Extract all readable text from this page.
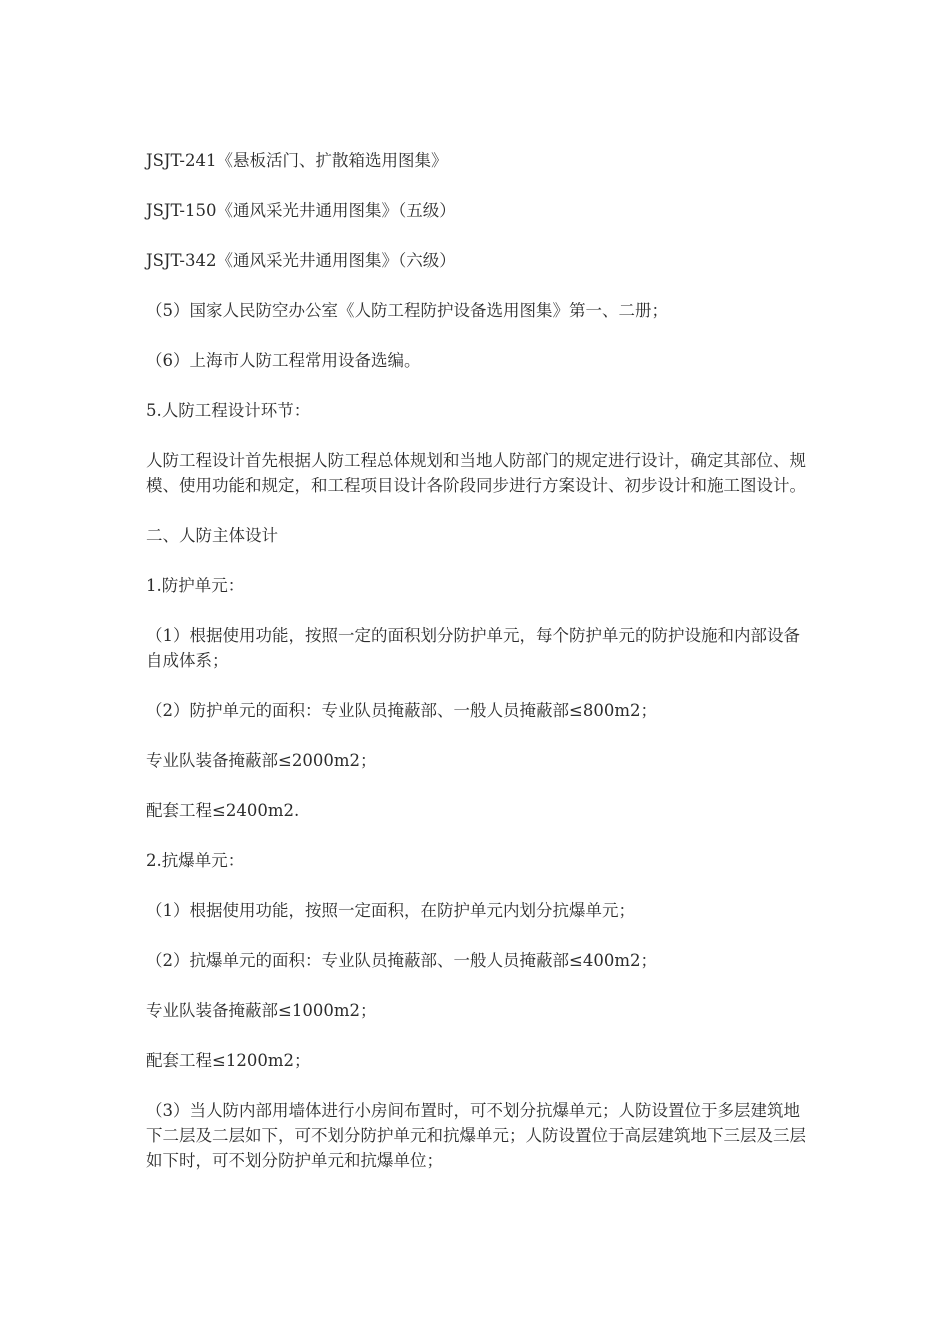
JSJT-241《悬板活门、扩散箱选用图集》

JSJT-150《通风采光井通用图集》（五级）

JSJT-342《通风采光井通用图集》（六级）

（5）国家人民防空办公室《人防工程防护设备选用图集》第一、二册；

（6）上海市人防工程常用设备选编。

5.人防工程设计环节：

人防工程设计首先根据人防工程总体规划和当地人防部门的规定进行设计，确定其部位、规模、使用功能和规定，和工程项目设计各阶段同步进行方案设计、初步设计和施工图设计。

二、人防主体设计

1.防护单元：

（1）根据使用功能，按照一定的面积划分防护单元，每个防护单元的防护设施和内部设备自成体系；

（2）防护单元的面积：专业队员掩蔽部、一般人员掩蔽部≤800m2；

专业队装备掩蔽部≤2000m2；

配套工程≤2400m2.

2.抗爆单元：

（1）根据使用功能，按照一定面积，在防护单元内划分抗爆单元；

（2）抗爆单元的面积：专业队员掩蔽部、一般人员掩蔽部≤400m2；

专业队装备掩蔽部≤1000m2；

配套工程≤1200m2；

（3）当人防内部用墙体进行小房间布置时，可不划分抗爆单元；人防设置位于多层建筑地下二层及二层如下，可不划分防护单元和抗爆单元；人防设置位于高层建筑地下三层及三层如下时，可不划分防护单元和抗爆单位；
